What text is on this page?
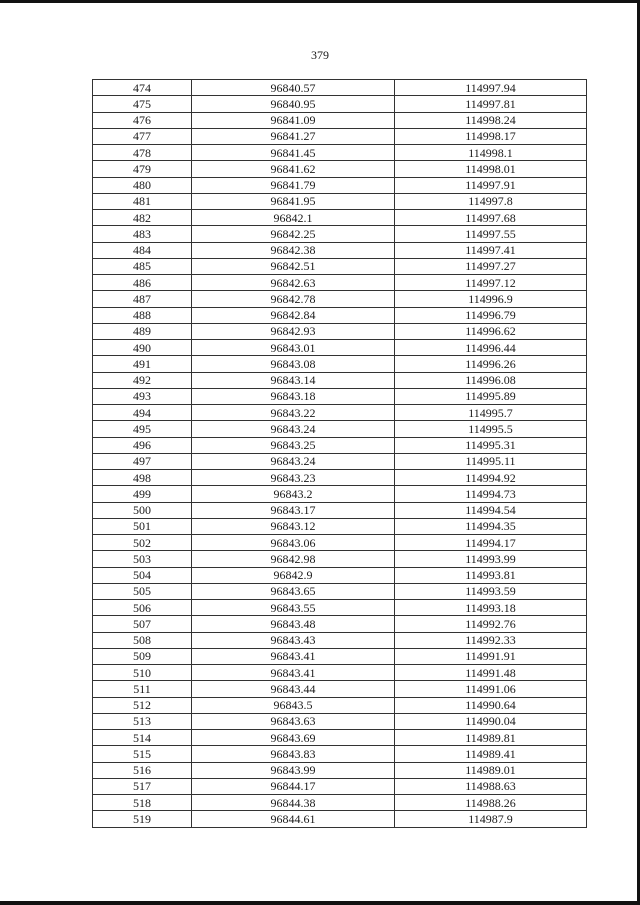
379
474	96840.57	114997.94
475	96840.95	114997.81
476	96841.09	114998.24
477	96841.27	114998.17
478	96841.45	114998.1
479	96841.62	114998.01
480	96841.79	114997.91
481	96841.95	114997.8
482	96842.1	114997.68
483	96842.25	114997.55
484	96842.38	114997.41
485	96842.51	114997.27
486	96842.63	114997.12
487	96842.78	114996.9
488	96842.84	114996.79
489	96842.93	114996.62
490	96843.01	114996.44
491	96843.08	114996.26
492	96843.14	114996.08
493	96843.18	114995.89
494	96843.22	114995.7
495	96843.24	114995.5
496	96843.25	114995.31
497	96843.24	114995.11
498	96843.23	114994.92
499	96843.2	114994.73
500	96843.17	114994.54
501	96843.12	114994.35
502	96843.06	114994.17
503	96842.98	114993.99
504	96842.9	114993.81
505	96843.65	114993.59
506	96843.55	114993.18
507	96843.48	114992.76
508	96843.43	114992.33
509	96843.41	114991.91
510	96843.41	114991.48
511	96843.44	114991.06
512	96843.5	114990.64
513	96843.63	114990.04
514	96843.69	114989.81
515	96843.83	114989.41
516	96843.99	114989.01
517	96844.17	114988.63
518	96844.38	114988.26
519	96844.61	114987.9
